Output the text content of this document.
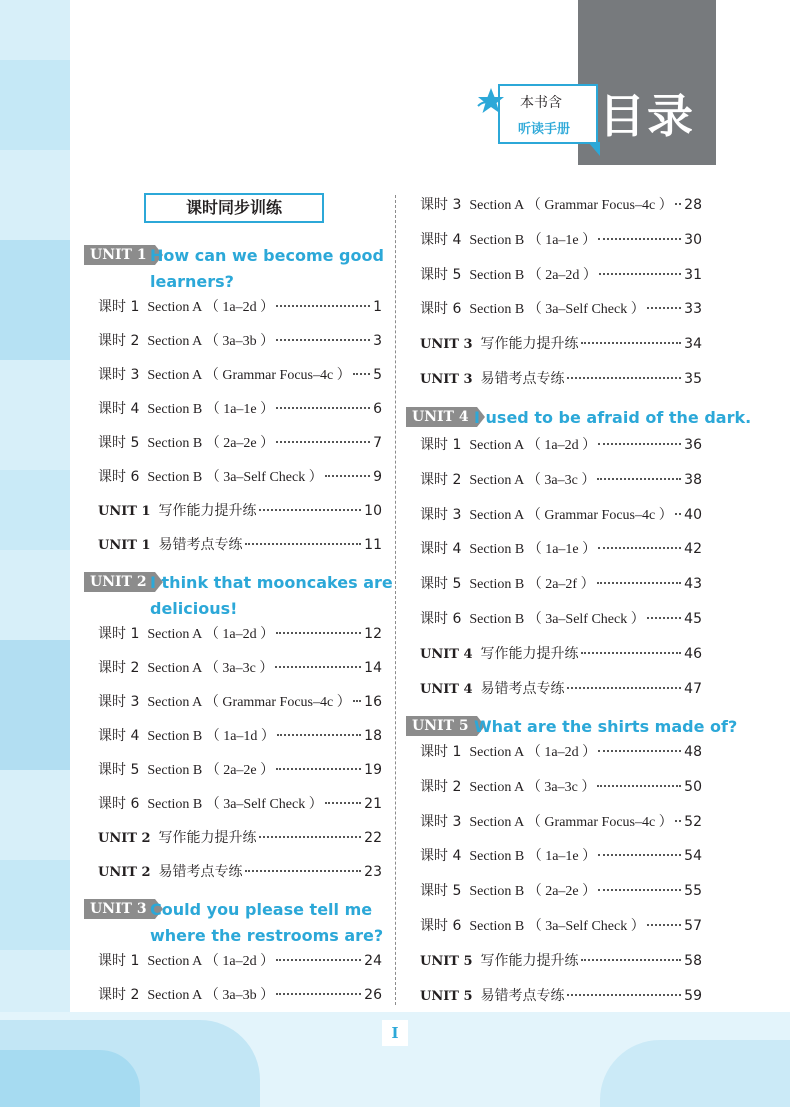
目录
本书含
听读手册
课时同步训练
UNIT 1 How can we become good
learners?
课时 1 Section A （ 1a–2d ）	1
课时 2 Section A （ 3a–3b ）	3
课时 3 Section A （ Grammar Focus–4c ） 5
课时 4 Section B （ 1a–1e ）	6
课时 5 Section B （ 2a–2e ）	7
课时 6 Section B （ 3a–Self Check ）	9
UNIT 1 写作能力提升练	10
UNIT 1 易错考点专练	11
UNIT 2 I think that mooncakes are
delicious!
课时 1 Section A （ 1a–2d ）	12
课时 2 Section A （ 3a–3c ）	14
课时 3 Section A （ Grammar Focus–4c ） 16
课时 4 Section B （ 1a–1d ）	18
课时 5 Section B （ 2a–2e ）	19
课时 6 Section B （ 3a–Self Check ）	21
UNIT 2 写作能力提升练	22
UNIT 2 易错考点专练	23
UNIT 3 Could you please tell me
where the restrooms are?
课时 1 Section A （ 1a–2d ）	24
课时 2 Section A （ 3a–3b ）	26
课时 3 Section A （ Grammar Focus–4c ） 28
课时 4 Section B （ 1a–1e ）	30
课时 5 Section B （ 2a–2d ）	31
课时 6 Section B （ 3a–Self Check ）	33
UNIT 3 写作能力提升练	34
UNIT 3 易错考点专练	35
UNIT 4 I used to be afraid of the dark.
课时 1 Section A （ 1a–2d ）	36
课时 2 Section A （ 3a–3c ）	38
课时 3 Section A （ Grammar Focus–4c ） 40
课时 4 Section B （ 1a–1e ）	42
课时 5 Section B （ 2a–2f ）	43
课时 6 Section B （ 3a–Self Check ）	45
UNIT 4 写作能力提升练	46
UNIT 4 易错考点专练	47
UNIT 5 What are the shirts made of?
课时 1 Section A （ 1a–2d ）	48
课时 2 Section A （ 3a–3c ）	50
课时 3 Section A （ Grammar Focus–4c ） 52
课时 4 Section B （ 1a–1e ）	54
课时 5 Section B （ 2a–2e ）	55
课时 6 Section B （ 3a–Self Check ）	57
UNIT 5 写作能力提升练	58
UNIT 5 易错考点专练	59
I
